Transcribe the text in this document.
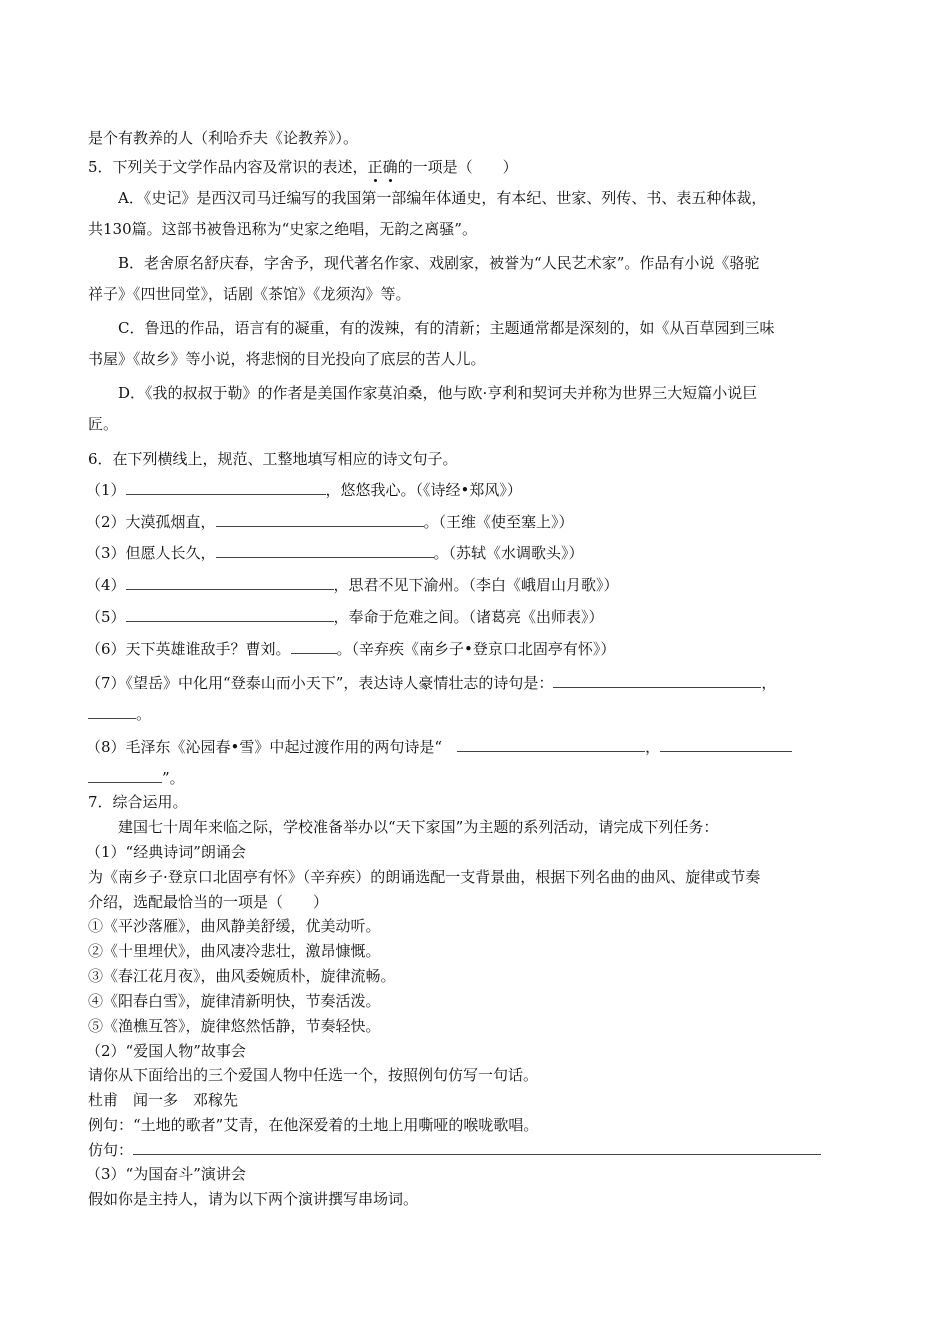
是个有教养的人（利哈乔夫《论教养》）。
5．下列关于文学作品内容及常识的表述，正确的一项是（　　）
A．《史记》是西汉司马迁编写的我国第一部编年体通史，有本纪、世家、列传、书、表五种体裁，
共130篇。这部书被鲁迅称为“史家之绝唱，无韵之离骚”。
B．老舍原名舒庆春，字舍予，现代著名作家、戏剧家，被誉为“人民艺术家”。作品有小说《骆驼
祥子》《四世同堂》，话剧《茶馆》《龙须沟》等。
C．鲁迅的作品，语言有的凝重，有的泼辣，有的清新；主题通常都是深刻的，如《从百草园到三味
书屋》《故乡》等小说，将悲悯的目光投向了底层的苦人儿。
D．《我的叔叔于勒》的作者是美国作家莫泊桑，他与欧·亨利和契诃夫并称为世界三大短篇小说巨
匠。
6．在下列横线上，规范、工整地填写相应的诗文句子。
（1）	，悠悠我心。（《诗经•郑风》）
（2）大漠孤烟直，	。（王维《使至塞上》）
（3）但愿人长久，	。（苏轼《水调歌头》）
（4）	，思君不见下渝州。（李白《峨眉山月歌》）
（5）	，奉命于危难之间。（诸葛亮《出师表》）
（6）天下英雄谁敌手？曹刘。	。（辛弃疾《南乡子•登京口北固亭有怀》）
（7）《望岳》中化用“登泰山而小天下”，表达诗人豪情壮志的诗句是：	，
。
（8）毛泽东《沁园春•雪》中起过渡作用的两句诗是“　	，
”。
7．综合运用。
建国七十周年来临之际，学校准备举办以“天下家国”为主题的系列活动，请完成下列任务：
（1）“经典诗词”朗诵会
为《南乡子·登京口北固亭有怀》（辛弃疾）的朗诵选配一支背景曲，根据下列名曲的曲风、旋律或节奏
介绍，选配最恰当的一项是（　　）
①《平沙落雁》，曲风静美舒缓，优美动听。
②《十里埋伏》，曲风凄冷悲壮，激昂慷慨。
③《春江花月夜》，曲风委婉质朴，旋律流畅。
④《阳春白雪》，旋律清新明快，节奏活泼。
⑤《渔樵互答》，旋律悠然恬静，节奏轻快。
（2）“爱国人物”故事会
请你从下面给出的三个爱国人物中任选一个，按照例句仿写一句话。
杜甫　闻一多　邓稼先
例句：“土地的歌者”艾青，在他深爱着的土地上用嘶哑的喉咙歌唱。
仿句：
（3）“为国奋斗”演讲会
假如你是主持人，请为以下两个演讲撰写串场词。
